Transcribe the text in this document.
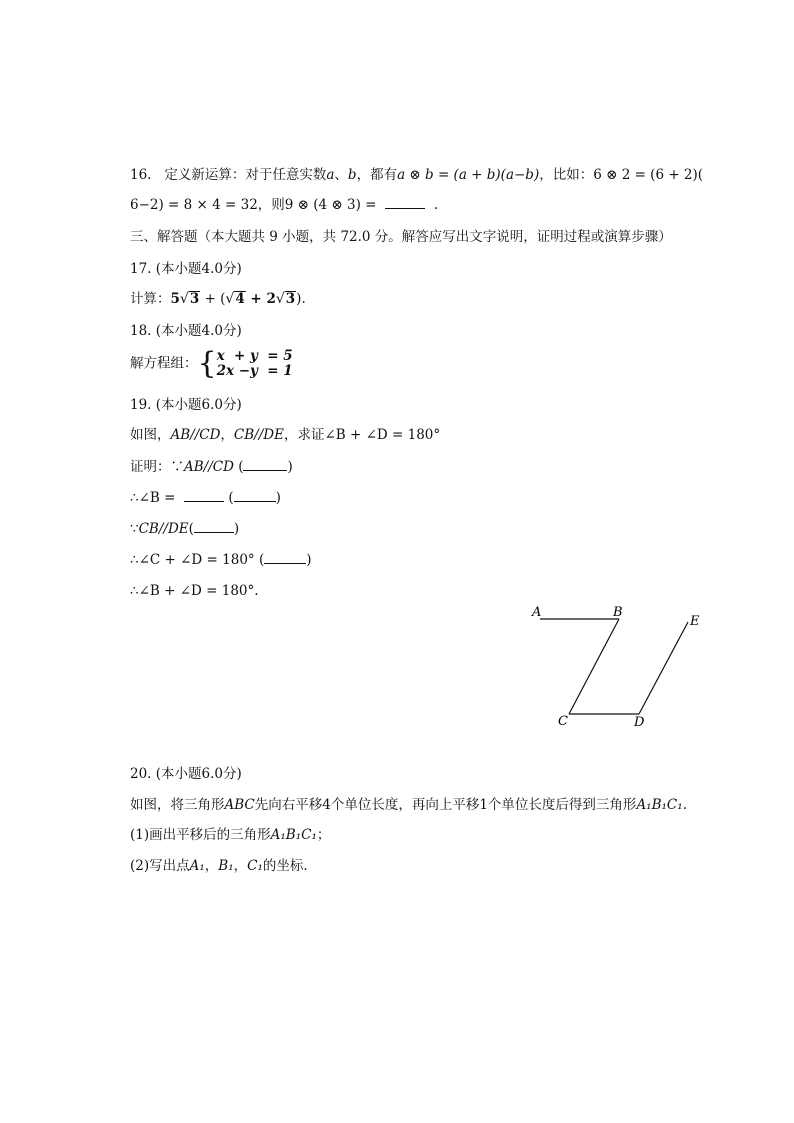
16. 定义新运算：对于任意实数a、b，都有a ⊗ b = (a + b)(a−b)，比如：6 ⊗ 2 = (6 + 2)(
6−2) = 8 × 4 = 32，则9 ⊗ (4 ⊗ 3) =	.
三、解答题（本大题共 9 小题，共 72.0 分。解答应写出文字说明，证明过程或演算步骤）
17. (本小题4.0分)
计算：5√3 + (√4 + 2√3).
18. (本小题4.0分)
解方程组：{ x  + y  = 5
2x −y  = 1
19. (本小题6.0分)
如图，AB//CD，CB//DE，求证∠B + ∠D = 180°
证明：∵AB//CD (	)
∴∠B =	(	)
∵CB//DE(	)
∴∠C + ∠D = 180° (	)
∴∠B + ∠D = 180°.
A	B
C	D
E
20. (本小题6.0分)
如图，将三角形ABC先向右平移4个单位长度，再向上平移1个单位长度后得到三角形A₁B₁C₁.
(1)画出平移后的三角形A₁B₁C₁；
(2)写出点A₁，B₁，C₁的坐标.
